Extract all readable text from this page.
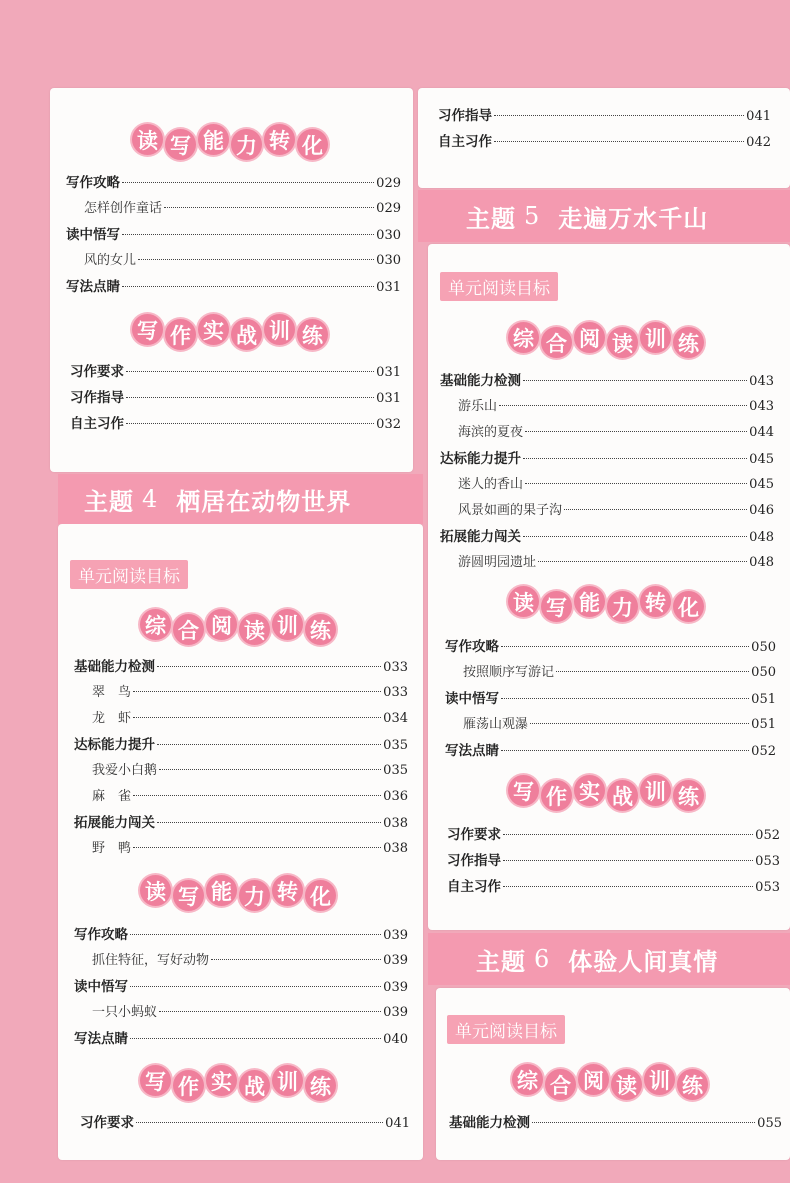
主题 4 栖居在动物世界
主题 5 走遍万水千山
主题 6 体验人间真情
单元阅读目标
单元阅读目标
单元阅读目标
读 写 能 力 转 化
写 作 实 战 训 练
综 合 阅 读 训 练
读 写 能 力 转 化
写 作 实 战 训 练
综 合 阅 读 训 练
读 写 能 力 转 化
写 作 实 战 训 练
综 合 阅 读 训 练
写作攻略	029
怎样创作童话	029
读中悟写	030
风的女儿	030
写法点睛	031
习作要求	031
习作指导	031
自主习作	032
基础能力检测	033
翠　鸟	033
龙　虾	034
达标能力提升	035
我爱小白鹅	035
麻　雀	036
拓展能力闯关	038
野　鸭	038
写作攻略	039
抓住特征，写好动物	039
读中悟写	039
一只小蚂蚁	039
写法点睛	040
习作要求	041
习作指导	041
自主习作	042
基础能力检测	043
游乐山	043
海滨的夏夜	044
达标能力提升	045
迷人的香山	045
风景如画的果子沟	046
拓展能力闯关	048
游圆明园遗址	048
写作攻略	050
按照顺序写游记	050
读中悟写	051
雁荡山观瀑	051
写法点睛	052
习作要求	052
习作指导	053
自主习作	053
基础能力检测	055
